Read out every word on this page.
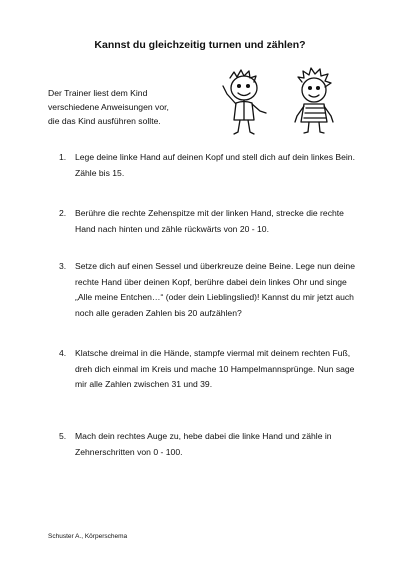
Kannst du gleichzeitig turnen und zählen?
Der Trainer liest dem Kind
verschiedene Anweisungen vor,
die das Kind ausführen sollte.
1. Lege deine linke Hand auf deinen Kopf und stell dich auf dein linkes Bein. Zähle bis 15.
2. Berühre die rechte Zehenspitze mit der linken Hand, strecke die rechte Hand nach hinten und zähle rückwärts von 20 - 10.
3. Setze dich auf einen Sessel und überkreuze deine Beine. Lege nun deine rechte Hand über deinen Kopf, berühre dabei dein linkes Ohr und singe „Alle meine Entchen…“ (oder dein Lieblingslied)! Kannst du mir jetzt auch noch alle geraden Zahlen bis 20 aufzählen?
4. Klatsche dreimal in die Hände, stampfe viermal mit deinem rechten Fuß, dreh dich einmal im Kreis und mache 10 Hampelmannsprünge. Nun sage mir alle Zahlen zwischen 31 und 39.
5. Mach dein rechtes Auge zu, hebe dabei die linke Hand und zähle in Zehnerschritten von 0 - 100.
Schuster A., Körperschema
